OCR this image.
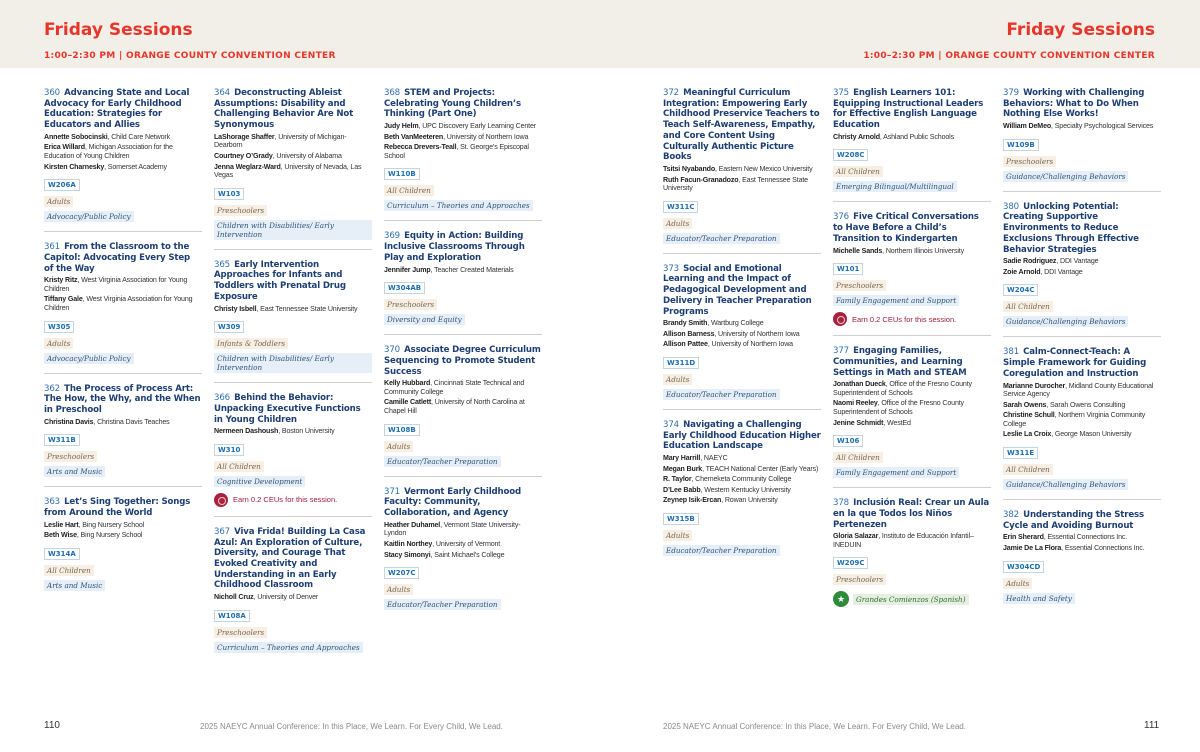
Friday Sessions
1:00–2:30 PM | ORANGE COUNTY CONVENTION CENTER
Friday Sessions
1:00–2:30 PM | ORANGE COUNTY CONVENTION CENTER
360  Advancing State and Local Advocacy for Early Childhood Education: Strategies for Educators and Allies
Annette Sobocinski, Child Care Network
Erica Willard, Michigan Association for the Education of Young Children
Kirsten Charnesky, Somerset Academy
W206A
Adults
Advocacy/Public Policy
361  From the Classroom to the Capitol: Advocating Every Step of the Way
Kristy Ritz, West Virginia Association for Young Children
Tiffany Gale, West Virginia Association for Young Children
W305
Adults
Advocacy/Public Policy
362  The Process of Process Art: The How, the Why, and the When in Preschool
Christina Davis, Christina Davis Teaches
W311B
Preschoolers
Arts and Music
363  Let’s Sing Together: Songs from Around the World
Leslie Hart, Bing Nursery School
Beth Wise, Bing Nursery School
W314A
All Children
Arts and Music
364  Deconstructing Ableist Assumptions: Disability and Challenging Behavior Are Not Synonymous
LaShorage Shaffer, University of Michigan-Dearborn
Courtney O’Grady, University of Alabama
Jenna Weglarz-Ward, University of Nevada, Las Vegas
W103
Preschoolers
Children with Disabilities/ Early Intervention
365  Early Intervention Approaches for Infants and Toddlers with Prenatal Drug Exposure
Christy Isbell, East Tennessee State University
W309
Infants & Toddlers
Children with Disabilities/ Early Intervention
366  Behind the Behavior: Unpacking Executive Functions in Young Children
Nermeen Dashoush, Boston University
W310
All Children
Cognitive Development
Earn 0.2 CEUs for this session.
367  Viva Frida! Building La Casa Azul: An Exploration of Culture, Diversity, and Courage That Evoked Creativity and Understanding in an Early Childhood Classroom
Nicholl Cruz, University of Denver
W108A
Preschoolers
Curriculum – Theories and Approaches
368  STEM and Projects: Celebrating Young Children’s Thinking (Part One)
Judy Helm, UPC Discovery Early Learning Center
Beth VanMeeteren, University of Northern Iowa
Rebecca Drevers-Teall, St. George’s Episcopal School
W110B
All Children
Curriculum – Theories and Approaches
369  Equity in Action: Building Inclusive Classrooms Through Play and Exploration
Jennifer Jump, Teacher Created Materials
W304AB
Preschoolers
Diversity and Equity
370  Associate Degree Curriculum Sequencing to Promote Student Success
Kelly Hubbard, Cincinnati State Technical and Community College
Camille Catlett, University of North Carolina at Chapel Hill
W108B
Adults
Educator/Teacher Preparation
371  Vermont Early Childhood Faculty: Community, Collaboration, and Agency
Heather Duhamel, Vermont State University-Lyndon
Kaitlin Northey, University of Vermont
Stacy Simonyi, Saint Michael’s College
W207C
Adults
Educator/Teacher Preparation
372  Meaningful Curriculum Integration: Empowering Early Childhood Preservice Teachers to Teach Self-Awareness, Empathy, and Core Content Using Culturally Authentic Picture Books
Tsitsi Nyabando, Eastern New Mexico University
Ruth Facun-Granadozo, East Tennessee State University
W311C
Adults
Educator/Teacher Preparation
373  Social and Emotional Learning and the Impact of Pedagogical Development and Delivery in Teacher Preparation Programs
Brandy Smith, Wartburg College
Allison Barness, University of Northern Iowa
Allison Pattee, University of Northern Iowa
W311D
Adults
Educator/Teacher Preparation
374  Navigating a Challenging Early Childhood Education Higher Education Landscape
Mary Harrill, NAEYC
Megan Burk, TEACH National Center (Early Years)
R. Taylor, Chemeketa Community College
D’Lee Babb, Western Kentucky University
Zeynep Isik-Ercan, Rowan University
W315B
Adults
Educator/Teacher Preparation
375  English Learners 101: Equipping Instructional Leaders for Effective English Language Education
Christy Arnold, Ashland Public Schools
W208C
All Children
Emerging Bilingual/Multilingual
376  Five Critical Conversations to Have Before a Child’s Transition to Kindergarten
Michelle Sands, Northern Illinois University
W101
Preschoolers
Family Engagement and Support
Earn 0.2 CEUs for this session.
377  Engaging Families, Communities, and Learning Settings in Math and STEAM
Jonathan Dueck, Office of the Fresno County Superintendent of Schools
Naomi Reeley, Office of the Fresno County Superintendent of Schools
Jenine Schmidt, WestEd
W106
All Children
Family Engagement and Support
378  Inclusión Real: Crear un Aula en la que Todos los Niños Pertenezen
Gloria Salazar, Instituto de Educación Infantil–INEDUIN
W209C
Preschoolers
★	Grandes Comienzos (Spanish)
379  Working with Challenging Behaviors: What to Do When Nothing Else Works!
William DeMeo, Specialty Psychological Services
W109B
Preschoolers
Guidance/Challenging Behaviors
380  Unlocking Potential: Creating Supportive Environments to Reduce Exclusions Through Effective Behavior Strategies
Sadie Rodriguez, DDI Vantage
Zoie Arnold, DDI Vantage
W204C
All Children
Guidance/Challenging Behaviors
381  Calm-Connect-Teach: A Simple Framework for Guiding Coregulation and Instruction
Marianne Durocher, Midland County Educational Service Agency
Sarah Owens, Sarah Owens Consulting
Christine Schull, Northern Virginia Community College
Leslie La Croix, George Mason University
W311E
All Children
Guidance/Challenging Behaviors
382  Understanding the Stress Cycle and Avoiding Burnout
Erin Sherard, Essential Connections Inc.
Jamie De La Flora, Essential Connections Inc.
W304CD
Adults
Health and Safety
110	2025 NAEYC Annual Conference: In this Place, We Learn. For Every Child, We Lead.	2025 NAEYC Annual Conference: In this Place, We Learn. For Every Child, We Lead.	111
